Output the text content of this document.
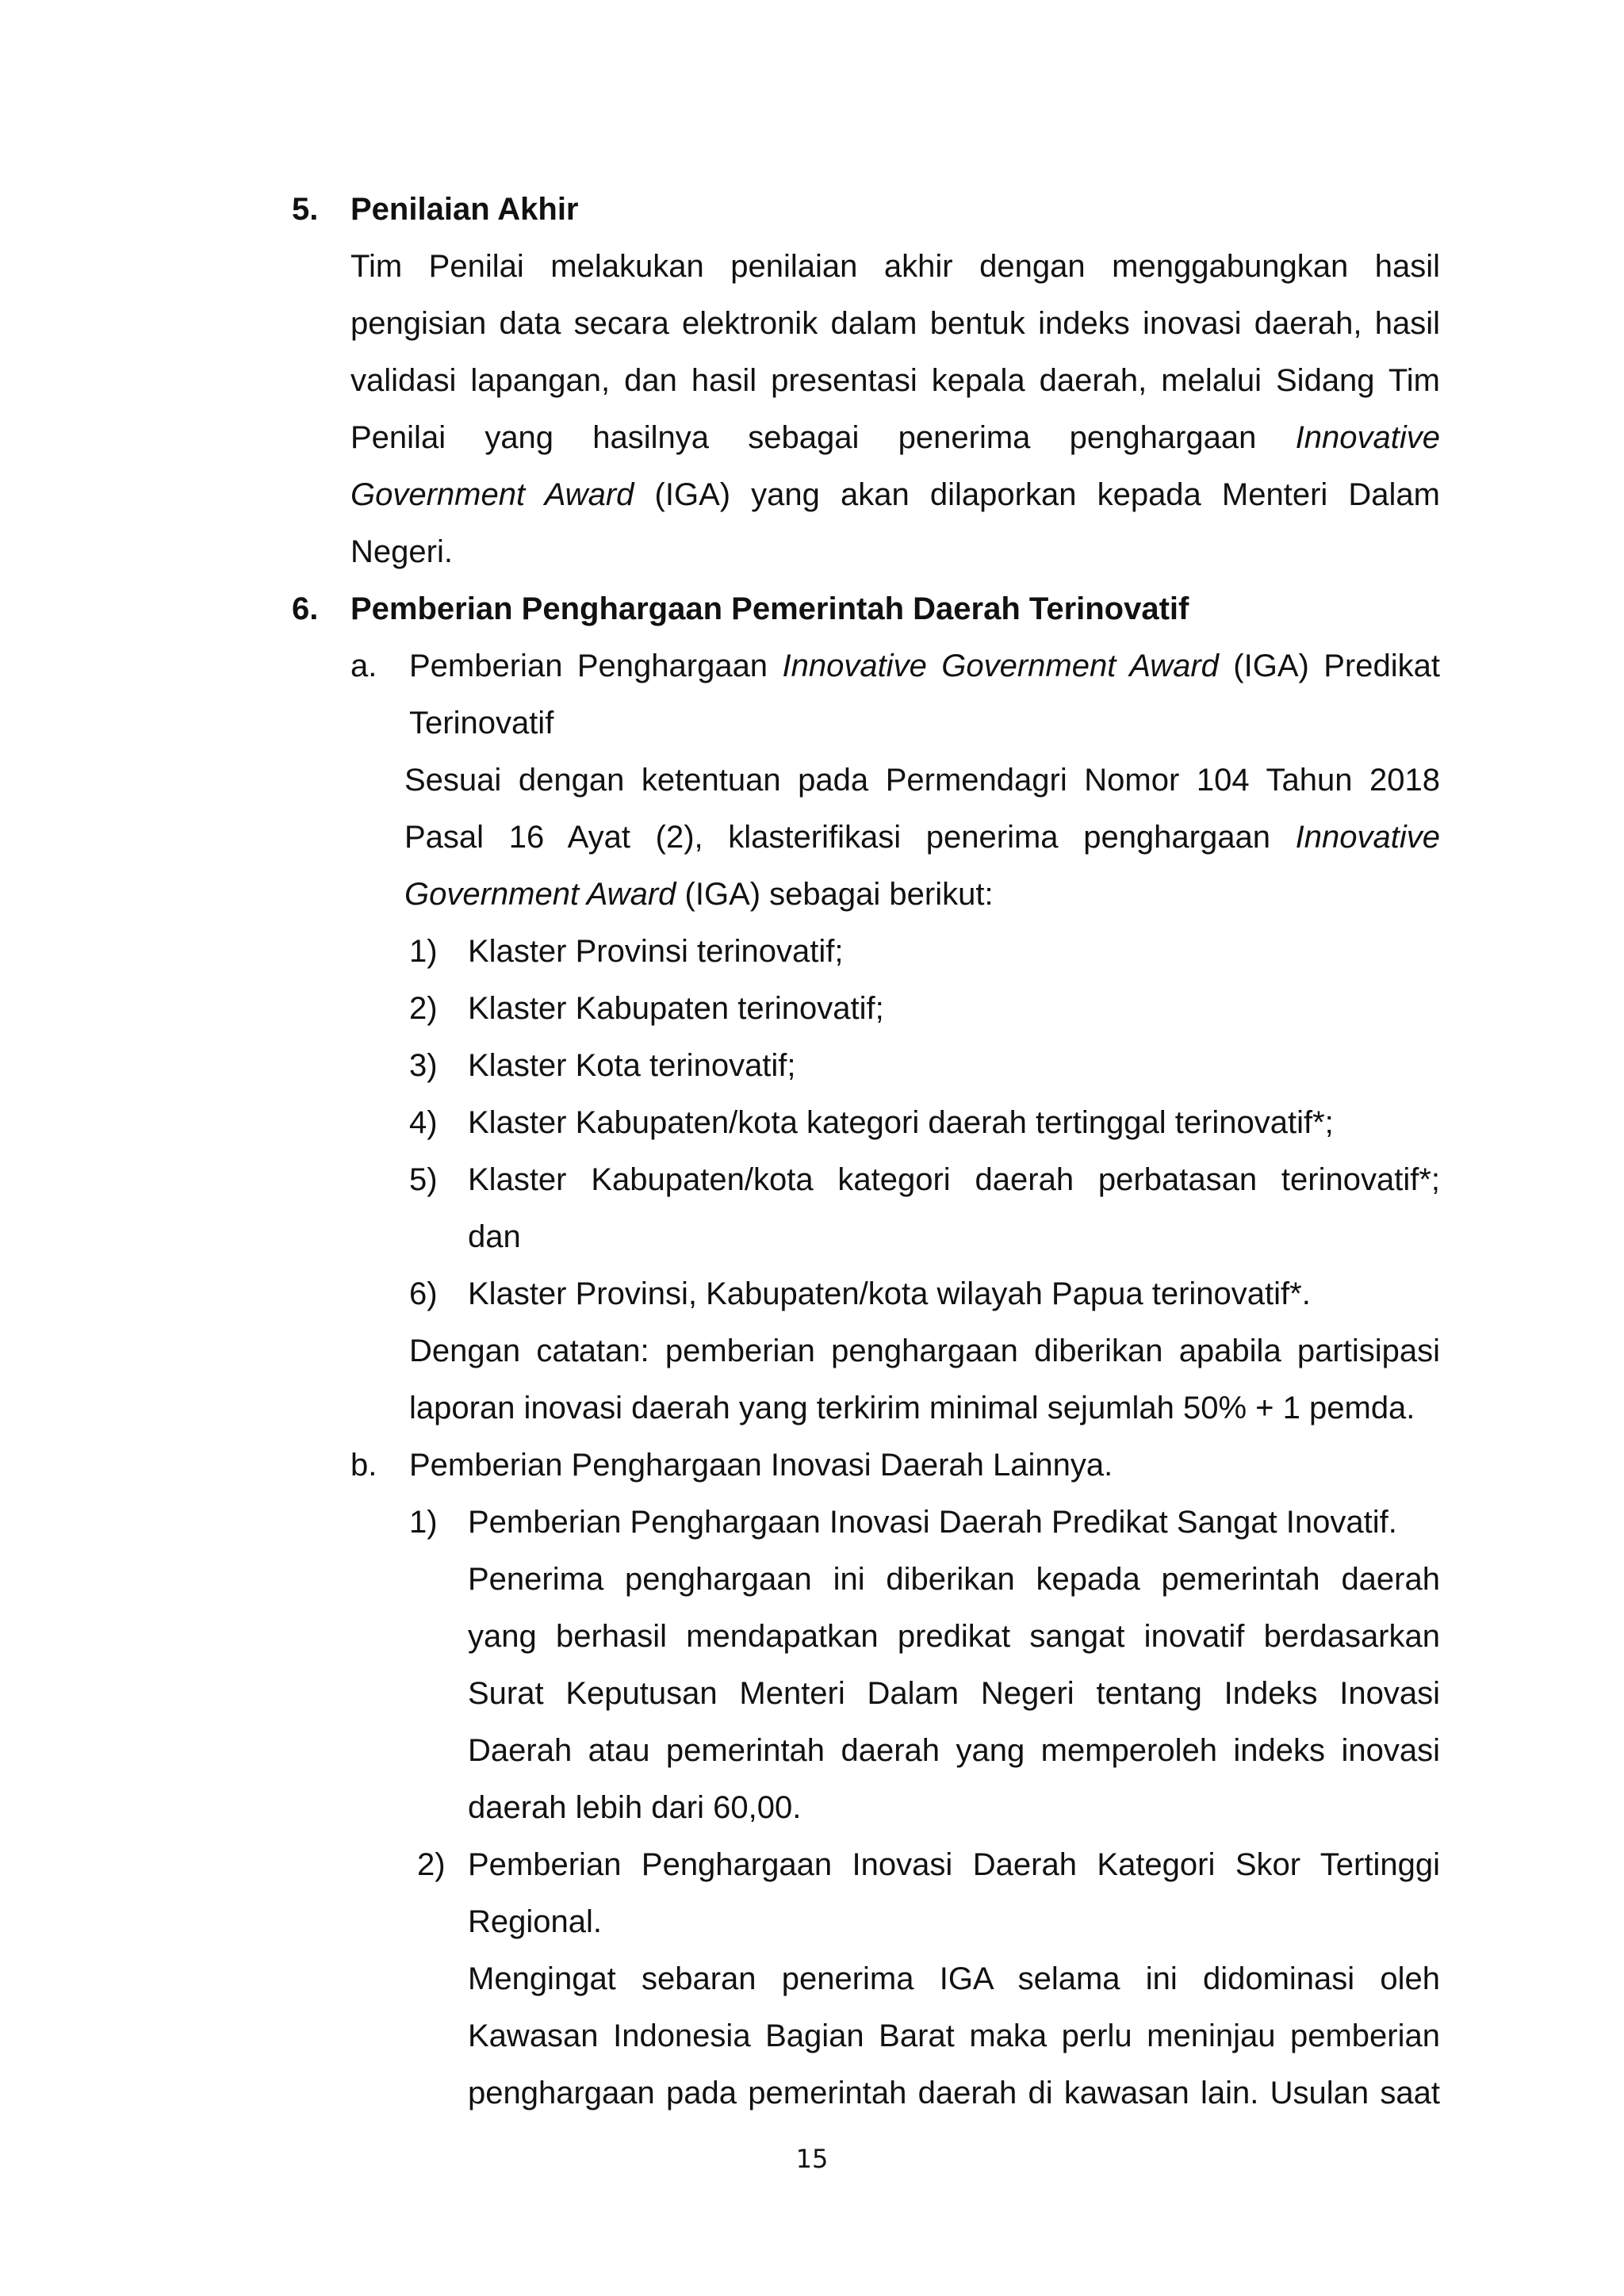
5. Penilaian Akhir
Tim Penilai melakukan penilaian akhir dengan menggabungkan hasil
pengisian data secara elektronik dalam bentuk indeks inovasi daerah, hasil
validasi lapangan, dan hasil presentasi kepala daerah, melalui Sidang Tim
Penilai yang hasilnya sebagai penerima penghargaan Innovative
Government Award (IGA) yang akan dilaporkan kepada Menteri Dalam
Negeri.
6. Pemberian Penghargaan Pemerintah Daerah Terinovatif
a. Pemberian Penghargaan Innovative Government Award (IGA) Predikat
Terinovatif
Sesuai dengan ketentuan pada Permendagri Nomor 104 Tahun 2018
Pasal 16 Ayat (2), klasterifikasi penerima penghargaan Innovative
Government Award (IGA) sebagai berikut:
1) Klaster Provinsi terinovatif;
2) Klaster Kabupaten terinovatif;
3) Klaster Kota terinovatif;
4) Klaster Kabupaten/kota kategori daerah tertinggal terinovatif*;
5) Klaster Kabupaten/kota kategori daerah perbatasan terinovatif*;
dan
6) Klaster Provinsi, Kabupaten/kota wilayah Papua terinovatif*.
Dengan catatan: pemberian penghargaan diberikan apabila partisipasi
laporan inovasi daerah yang terkirim minimal sejumlah 50% + 1 pemda.
b. Pemberian Penghargaan Inovasi Daerah Lainnya.
1) Pemberian Penghargaan Inovasi Daerah Predikat Sangat Inovatif.
Penerima penghargaan ini diberikan kepada pemerintah daerah
yang berhasil mendapatkan predikat sangat inovatif berdasarkan
Surat Keputusan Menteri Dalam Negeri tentang Indeks Inovasi
Daerah atau pemerintah daerah yang memperoleh indeks inovasi
daerah lebih dari 60,00.
2) Pemberian Penghargaan Inovasi Daerah Kategori Skor Tertinggi
Regional.
Mengingat sebaran penerima IGA selama ini didominasi oleh
Kawasan Indonesia Bagian Barat maka perlu meninjau pemberian
penghargaan pada pemerintah daerah di kawasan lain. Usulan saat
15
